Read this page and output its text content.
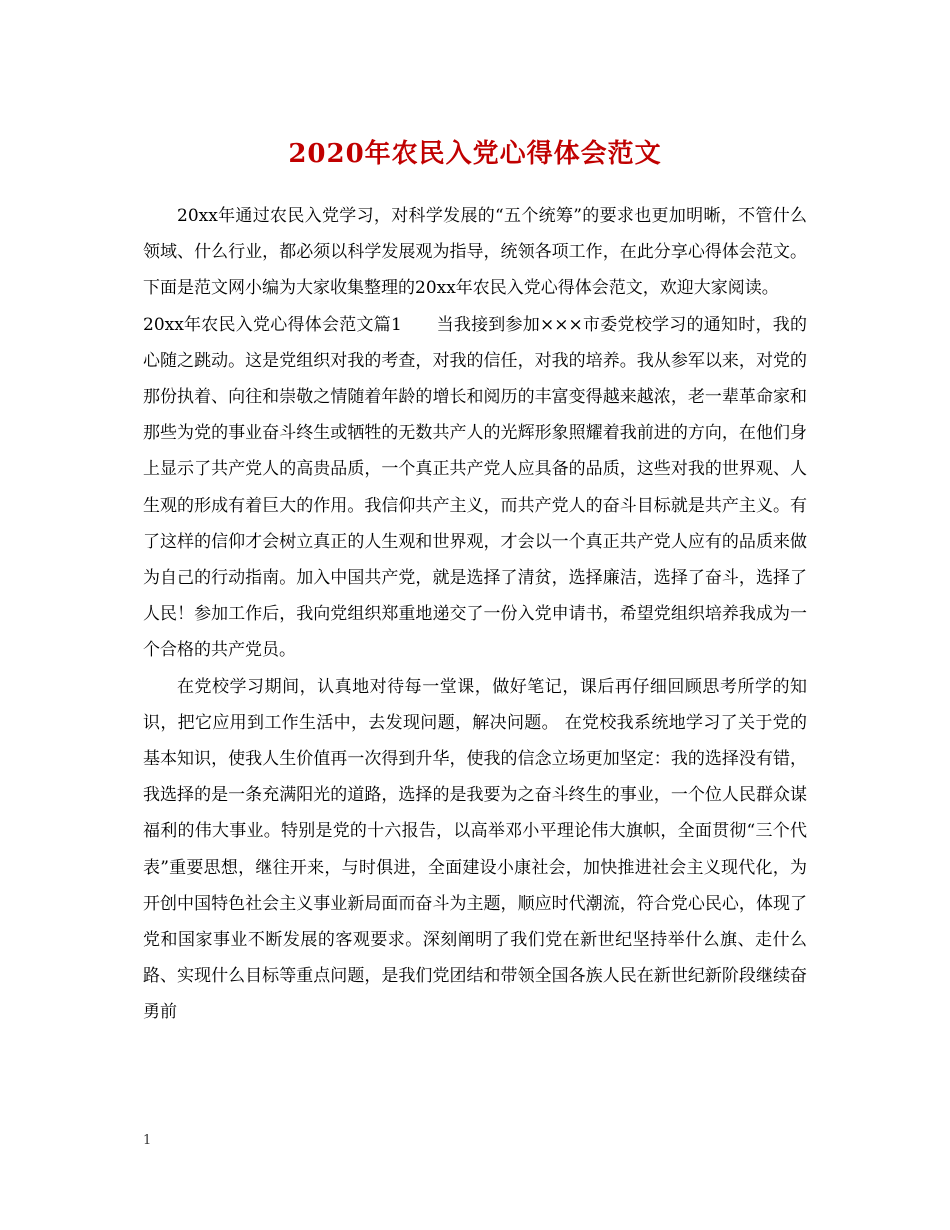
2020年农民入党心得体会范文

20xx年通过农民入党学习，对科学发展的“五个统筹”的要求也更加明晰，不管什么领域、什么行业，都必须以科学发展观为指导，统领各项工作，在此分享心得体会范文。下面是范文网小编为大家收集整理的20xx年农民入党心得体会范文，欢迎大家阅读。

20xx年农民入党心得体会范文篇1　　当我接到参加×××市委党校学习的通知时，我的心随之跳动。这是党组织对我的考查，对我的信任，对我的培养。我从参军以来，对党的那份执着、向往和崇敬之情随着年龄的增长和阅历的丰富变得越来越浓，老一辈革命家和那些为党的事业奋斗终生或牺牲的无数共产人的光辉形象照耀着我前进的方向，在他们身上显示了共产党人的高贵品质，一个真正共产党人应具备的品质，这些对我的世界观、人生观的形成有着巨大的作用。我信仰共产主义，而共产党人的奋斗目标就是共产主义。有了这样的信仰才会树立真正的人生观和世界观，才会以一个真正共产党人应有的品质来做为自己的行动指南。加入中国共产党，就是选择了清贫，选择廉洁，选择了奋斗，选择了人民！参加工作后，我向党组织郑重地递交了一份入党申请书，希望党组织培养我成为一个合格的共产党员。

在党校学习期间，认真地对待每一堂课，做好笔记，课后再仔细回顾思考所学的知识，把它应用到工作生活中，去发现问题，解决问题。 在党校我系统地学习了关于党的基本知识，使我人生价值再一次得到升华，使我的信念立场更加坚定：我的选择没有错，我选择的是一条充满阳光的道路，选择的是我要为之奋斗终生的事业，一个位人民群众谋福利的伟大事业。特别是党的十六报告，以高举邓小平理论伟大旗帜，全面贯彻“三个代表”重要思想，继往开来，与时俱进，全面建设小康社会，加快推进社会主义现代化，为开创中国特色社会主义事业新局面而奋斗为主题，顺应时代潮流，符合党心民心，体现了党和国家事业不断发展的客观要求。深刻阐明了我们党在新世纪坚持举什么旗、走什么路、实现什么目标等重点问题，是我们党团结和带领全国各族人民在新世纪新阶段继续奋勇前

1
